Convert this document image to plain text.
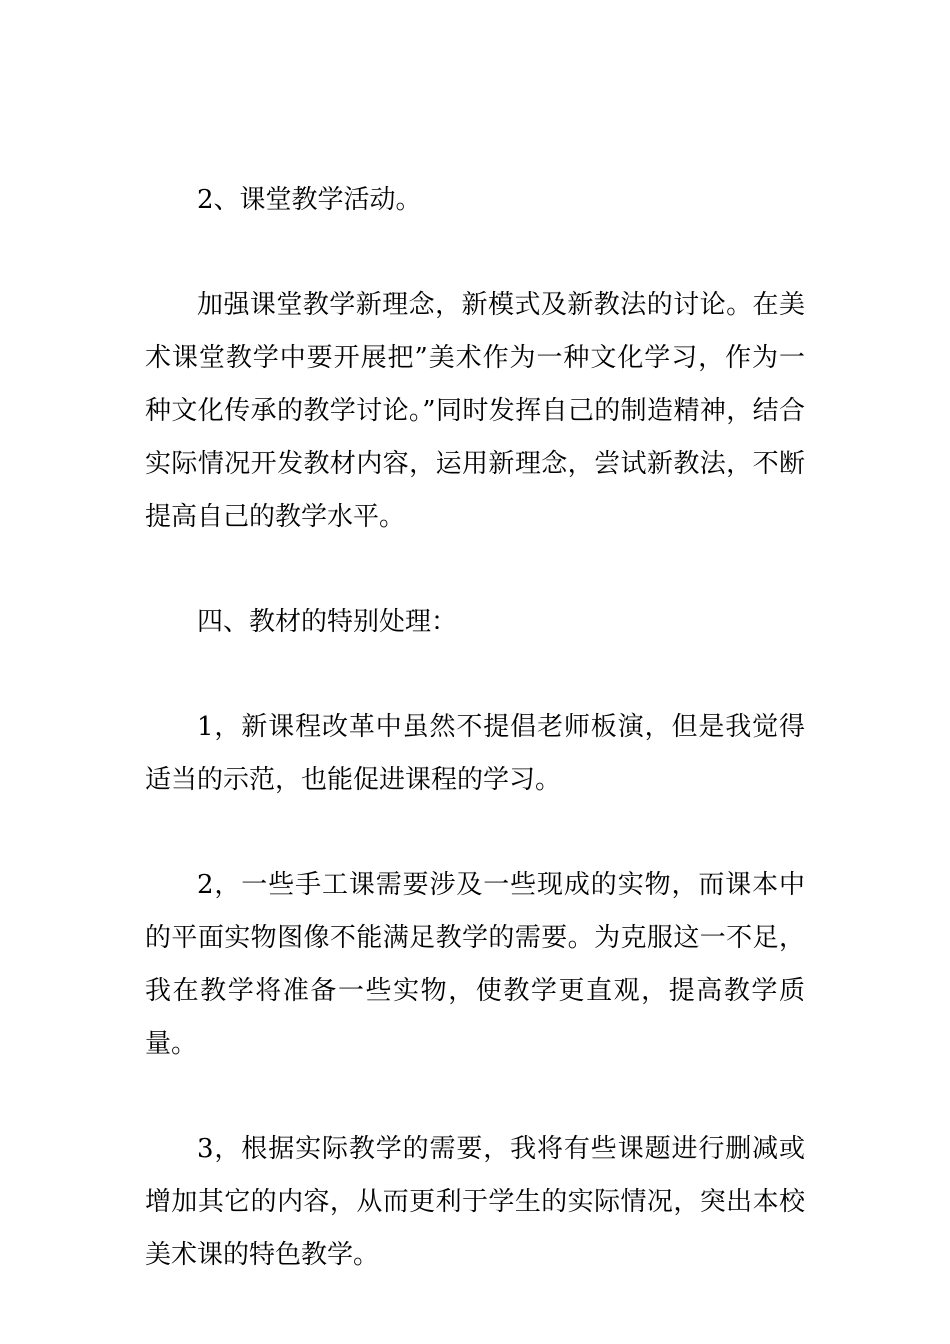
2、课堂教学活动。

加强课堂教学新理念，新模式及新教法的讨论。在美术课堂教学中要开展把”美术作为一种文化学习，作为一种文化传承的教学讨论。”同时发挥自己的制造精神，结合实际情况开发教材内容，运用新理念，尝试新教法，不断提高自己的教学水平。

四、教材的特别处理：

1，新课程改革中虽然不提倡老师板演，但是我觉得适当的示范，也能促进课程的学习。

2，一些手工课需要涉及一些现成的实物，而课本中的平面实物图像不能满足教学的需要。为克服这一不足，我在教学将准备一些实物，使教学更直观，提高教学质量。

3，根据实际教学的需要，我将有些课题进行删减或增加其它的内容，从而更利于学生的实际情况，突出本校美术课的特色教学。
